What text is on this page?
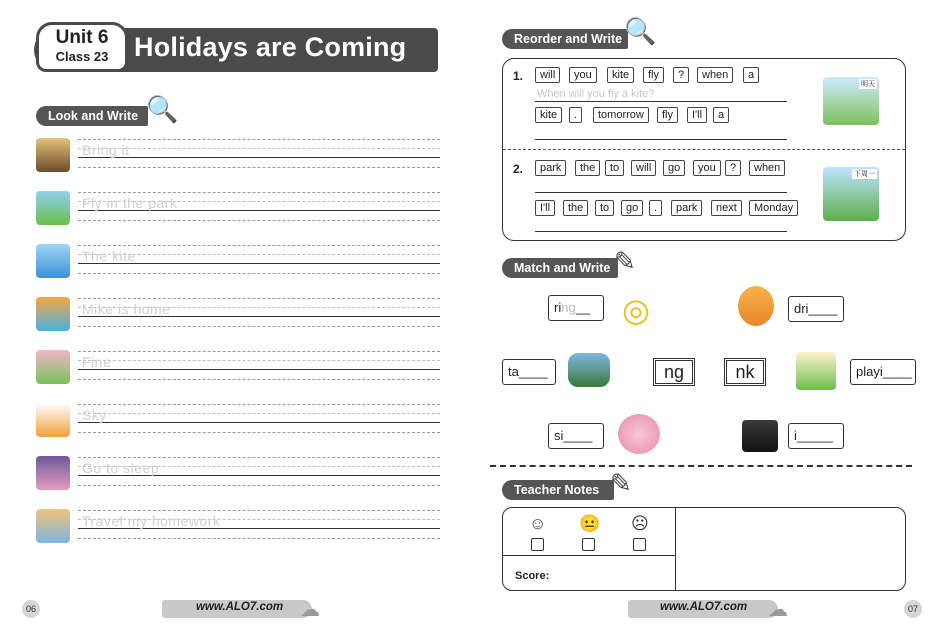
Unit 6
Class 23 Holidays are Coming
Look and Write 🔍
Bring it
Fly in the park
The kite
Mike is home
Fine
Sky
Go to sleep
Travel my homework
06	www.ALO7.com ☁
Reorder and Write 🔍
1.	will	you	kite	fly	?	when	a
When will you fly a kite?
kite	.	tomorrow	fly	I'll	a
明天
2.	park	the	to	will	go	you	?	when
I'll	the	to	go	.	park	next	Monday
下周一
Match and Write ✎
ring__ ◎	dri____
ta____	ng	nk	playi____
si____	i_____
Teacher Notes ✎
☺ 😐 ☹
Score:
www.ALO7.com ☁	07
